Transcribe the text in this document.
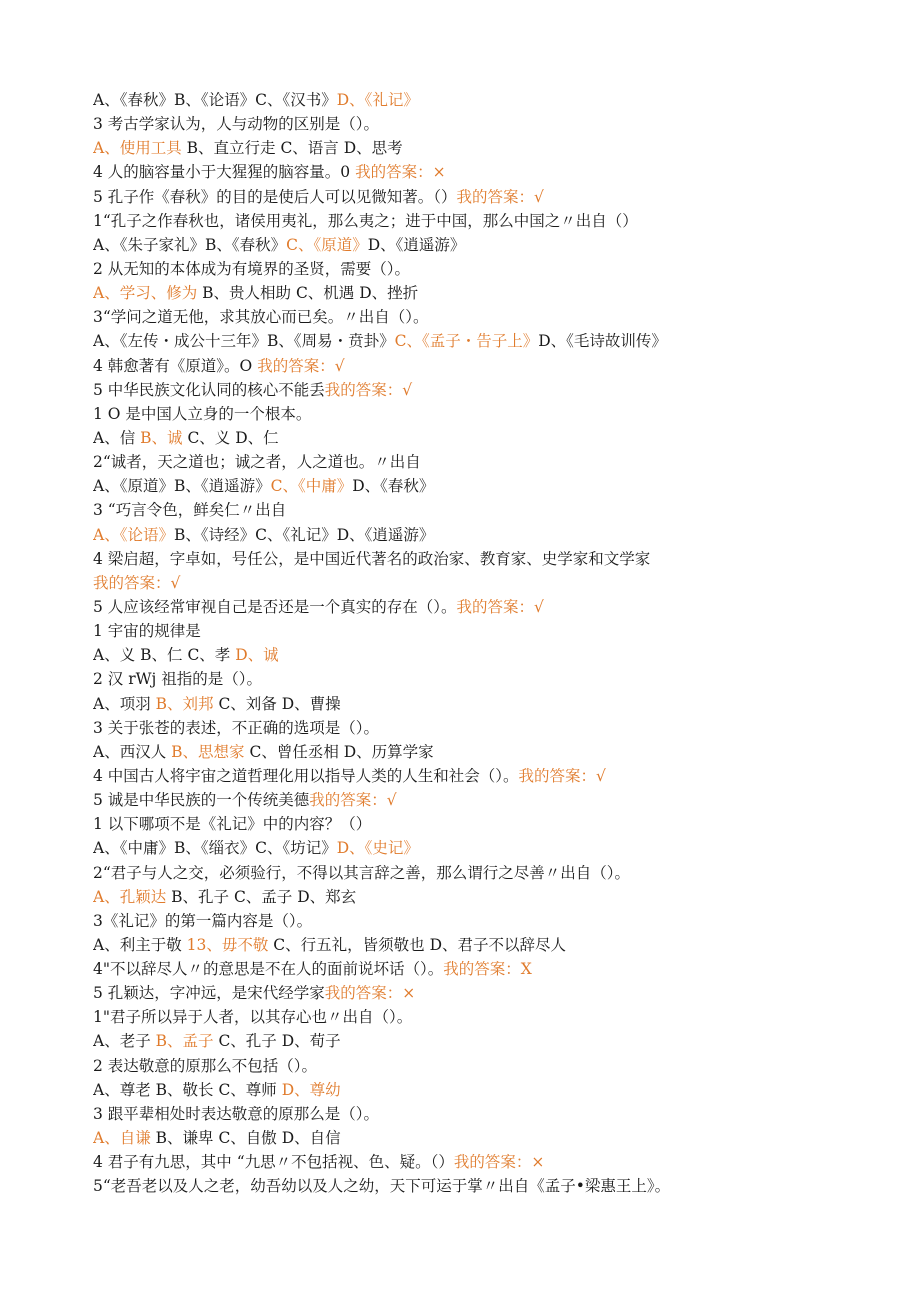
A、《春秋》B、《论语》C、《汉书》D、《礼记》
3 考古学家认为，人与动物的区别是（）。
A、使用工具 B、直立行走 C、语言 D、思考
4 人的脑容量小于大猩猩的脑容量。0 我的答案：×
5 孔子作《春秋》的目的是使后人可以见微知著。（）我的答案：√
1“孔子之作春秋也，诸侯用夷礼，那么夷之；进于中国，那么中国之〃出自（）
A、《朱子家礼》B、《春秋》C、《原道》D、《逍遥游》
2 从无知的本体成为有境界的圣贤，需要（）。
A、学习、修为 B、贵人相助 C、机遇 D、挫折
3“学问之道无他，求其放心而已矣。〃出自（）。
A、《左传・成公十三年》B、《周易・贲卦》C、《孟子・告子上》D、《毛诗故训传》
4 韩愈著有《原道》。O 我的答案：√
5 中华民族文化认同的核心不能丢我的答案：√
1 O 是中国人立身的一个根本。
A、信 B、诚 C、义 D、仁
2“诚者，天之道也；诚之者，人之道也。〃出自
A、《原道》B、《逍遥游》C、《中庸》D、《春秋》
3 “巧言令色，鲜矣仁〃出自
A、《论语》B、《诗经》C、《礼记》D、《逍遥游》
4 梁启超，字卓如，号任公，是中国近代著名的政治家、教育家、史学家和文学家
我的答案：√
5 人应该经常审视自己是否还是一个真实的存在（）。我的答案：√
1 宇宙的规律是
A、义 B、仁 C、孝 D、诚
2 汉 rWj 祖指的是（）。
A、项羽 B、刘邦 C、刘备 D、曹操
3 关于张苍的表述，不正确的选项是（）。
A、西汉人 B、思想家 C、曾任丞相 D、历算学家
4 中国古人将宇宙之道哲理化用以指导人类的人生和社会（）。我的答案：√
5 诚是中华民族的一个传统美德我的答案：√
1 以下哪项不是《礼记》中的内容？（）
A、《中庸》B、《缁衣》C、《坊记》D、《史记》
2“君子与人之交，必须验行，不得以其言辞之善，那么谓行之尽善〃出自（）。
A、孔颖达 B、孔子 C、孟子 D、郑玄
3《礼记》的第一篇内容是（）。
A、利主于敬 13、毋不敬 C、行五礼，皆须敬也 D、君子不以辞尽人
4"不以辞尽人〃的意思是不在人的面前说坏话（）。我的答案：X
5 孔颖达，字冲远，是宋代经学家我的答案：×
1"君子所以异于人者，以其存心也〃出自（）。
A、老子 B、孟子 C、孔子 D、荀子
2 表达敬意的原那么不包括（）。
A、尊老 B、敬长 C、尊师 D、尊幼
3 跟平辈相处时表达敬意的原那么是（）。
A、自谦 B、谦卑 C、自傲 D、自信
4 君子有九思，其中 “九思〃不包括视、色、疑。（）我的答案：×
5“老吾老以及人之老，幼吾幼以及人之幼，天下可运于掌〃出自《孟子•梁惠王上》。
